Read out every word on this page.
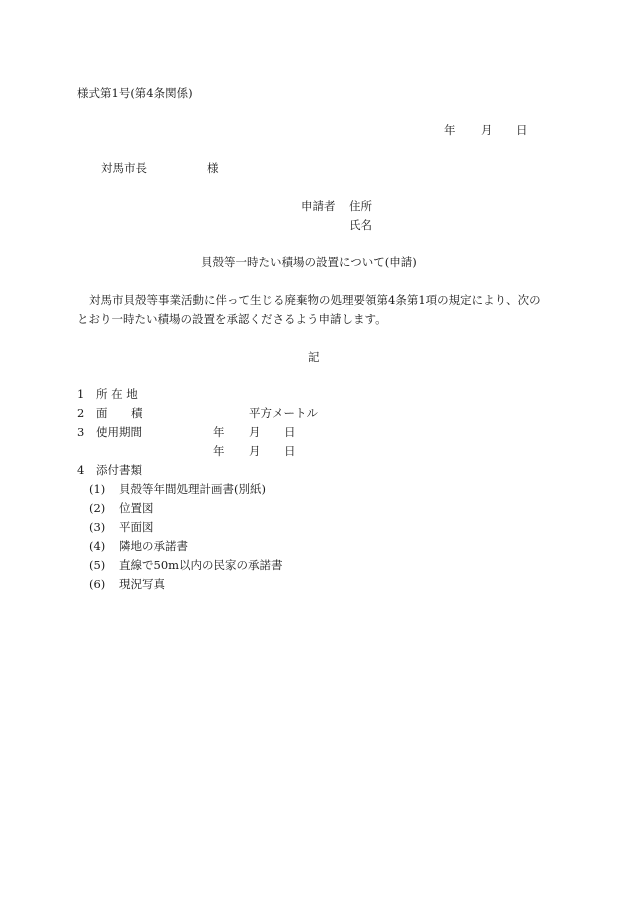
様式第1号(第4条関係)
年 月 日
対馬市長	様
申請者 住所
氏名
貝殻等一時たい積場の設置について(申請)
対馬市貝殻等事業活動に伴って生じる廃棄物の処理要領第4条第1項の規定により、次の
とおり一時たい積場の設置を承認くださるよう申請します。
記
1 所 在 地
2 面 積	平方メートル
3 使用期間	年 月 日
年 月 日
4 添付書類
(1) 貝殻等年間処理計画書(別紙)
(2) 位置図
(3) 平面図
(4) 隣地の承諾書
(5) 直線で50m以内の民家の承諾書
(6) 現況写真
